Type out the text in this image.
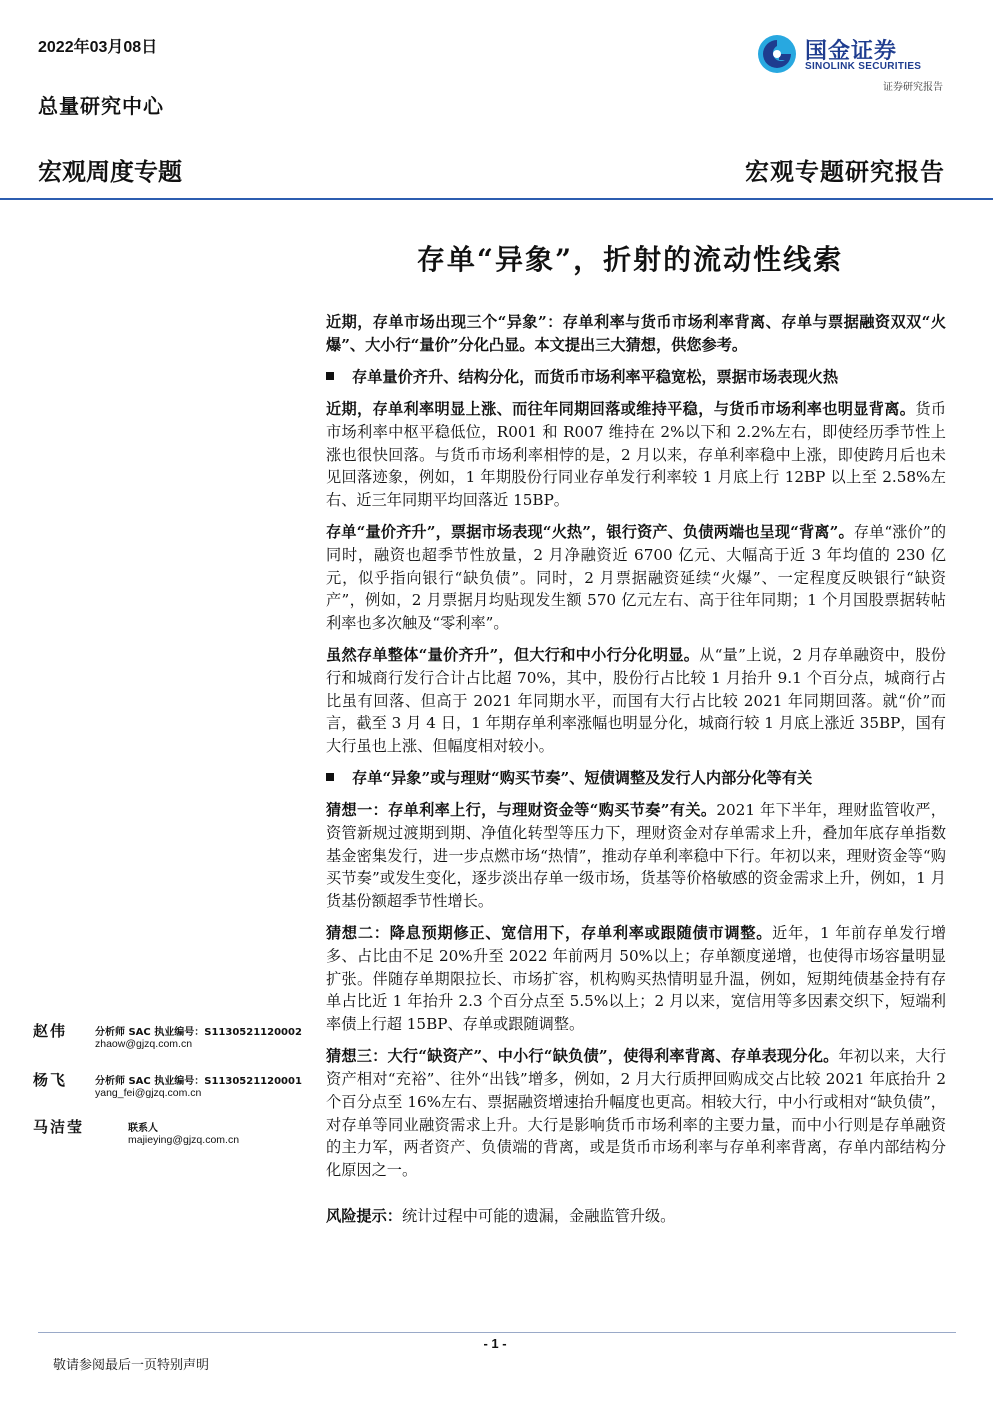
2022年03月08日
总量研究中心
国金证券
SINOLINK SECURITIES
证券研究报告
宏观周度专题	宏观专题研究报告
存单“异象”，折射的流动性线索

近期，存单市场出现三个“异象”：存单利率与货币市场利率背离、存单与票据融资双双“火爆”、大小行“量价”分化凸显。本文提出三大猜想，供您参考。

存单量价齐升、结构分化，而货币市场利率平稳宽松，票据市场表现火热

近期，存单利率明显上涨、而往年同期回落或维持平稳，与货币市场利率也明显背离。货币市场利率中枢平稳低位，R001 和 R007 维持在 2%以下和 2.2%左右，即使经历季节性上涨也很快回落。与货币市场利率相悖的是，2 月以来，存单利率稳中上涨，即使跨月后也未见回落迹象，例如，1 年期股份行同业存单发行利率较 1 月底上行 12BP 以上至 2.58%左右、近三年同期平均回落近 15BP。

存单“量价齐升”，票据市场表现“火热”，银行资产、负债两端也呈现“背离”。存单“涨价”的同时，融资也超季节性放量，2 月净融资近 6700 亿元、大幅高于近 3 年均值的 230 亿元，似乎指向银行“缺负债”。同时，2 月票据融资延续“火爆”、一定程度反映银行“缺资产”，例如，2 月票据月均贴现发生额 570 亿元左右、高于往年同期；1 个月国股票据转帖利率也多次触及“零利率”。

虽然存单整体“量价齐升”，但大行和中小行分化明显。从“量”上说，2 月存单融资中，股份行和城商行发行合计占比超 70%，其中，股份行占比较 1 月抬升 9.1 个百分点，城商行占比虽有回落、但高于 2021 年同期水平，而国有大行占比较 2021 年同期回落。就“价”而言，截至 3 月 4 日，1 年期存单利率涨幅也明显分化，城商行较 1 月底上涨近 35BP，国有大行虽也上涨、但幅度相对较小。

存单“异象”或与理财“购买节奏”、短债调整及发行人内部分化等有关

猜想一：存单利率上行，与理财资金等“购买节奏”有关。2021 年下半年，理财监管收严，资管新规过渡期到期、净值化转型等压力下，理财资金对存单需求上升，叠加年底存单指数基金密集发行，进一步点燃市场“热情”，推动存单利率稳中下行。年初以来，理财资金等“购买节奏”或发生变化，逐步淡出存单一级市场，货基等价格敏感的资金需求上升，例如，1 月货基份额超季节性增长。

猜想二：降息预期修正、宽信用下，存单利率或跟随债市调整。近年，1 年前存单发行增多、占比由不足 20%升至 2022 年前两月 50%以上；存单额度递增，也使得市场容量明显扩张。伴随存单期限拉长、市场扩容，机构购买热情明显升温，例如，短期纯债基金持有存单占比近 1 年抬升 2.3 个百分点至 5.5%以上；2 月以来，宽信用等多因素交织下，短端利率债上行超 15BP、存单或跟随调整。

猜想三：大行“缺资产”、中小行“缺负债”，使得利率背离、存单表现分化。年初以来，大行资产相对“充裕”、往外“出钱”增多，例如，2 月大行质押回购成交占比较 2021 年底抬升 2 个百分点至 16%左右、票据融资增速抬升幅度也更高。相较大行，中小行或相对“缺负债”，对存单等同业融资需求上升。大行是影响货币市场利率的主要力量，而中小行则是存单融资的主力军，两者资产、负债端的背离，或是货币市场利率与存单利率背离，存单内部结构分化原因之一。

风险提示：统计过程中可能的遗漏，金融监管升级。

赵伟	分析师 SAC 执业编号：S1130521120002
zhaow@gjzq.com.cn
杨飞	分析师 SAC 执业编号：S1130521120001
yang_fei@gjzq.com.cn
马洁莹	联系人
majieying@gjzq.com.cn
- 1 -
敬请参阅最后一页特别声明
